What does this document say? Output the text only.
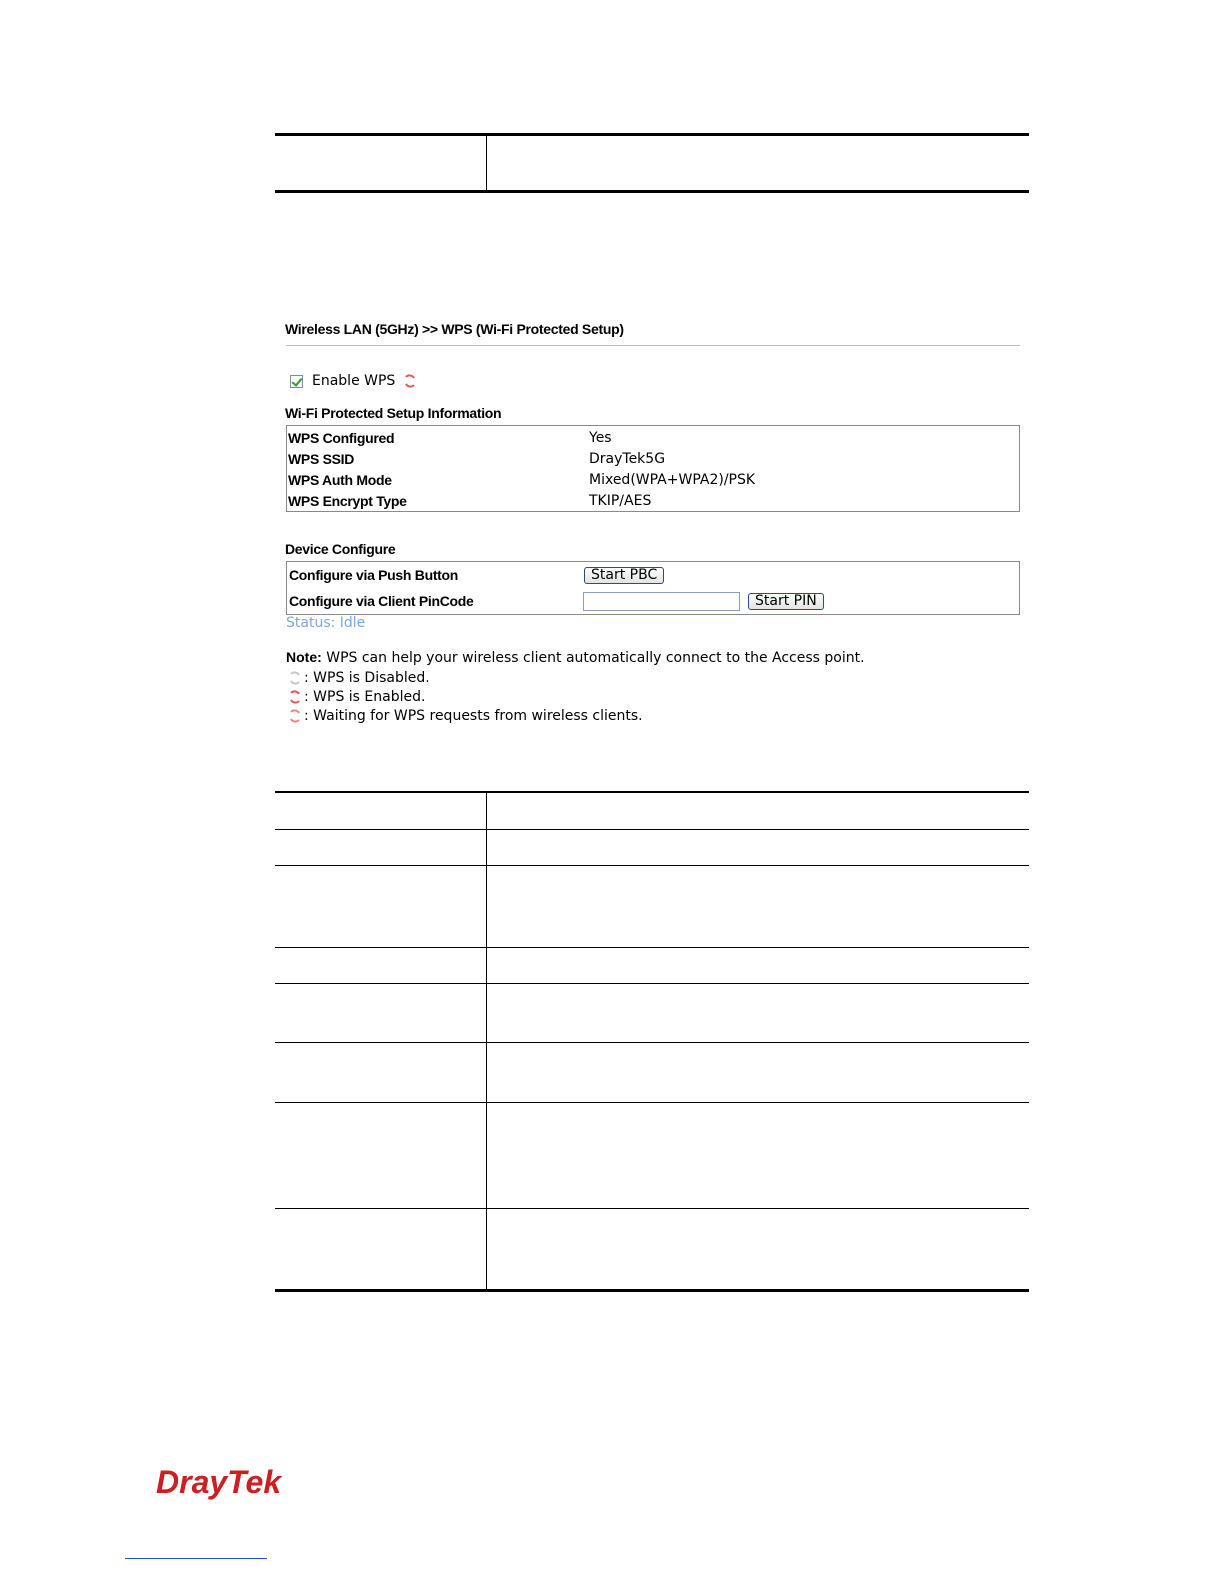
Wireless LAN (5GHz) >> WPS (Wi-Fi Protected Setup)
Enable WPS
Wi-Fi Protected Setup Information
WPS Configured	Yes
WPS SSID	DrayTek5G
WPS Auth Mode	Mixed(WPA+WPA2)/PSK
WPS Encrypt Type	TKIP/AES
Device Configure
Configure via Push Button	Start PBC
Configure via Client PinCode	Start PIN
Status: Idle
Note: WPS can help your wireless client automatically connect to the Access point.
: WPS is Disabled.
: WPS is Enabled.
: Waiting for WPS requests from wireless clients.
DrayTek
